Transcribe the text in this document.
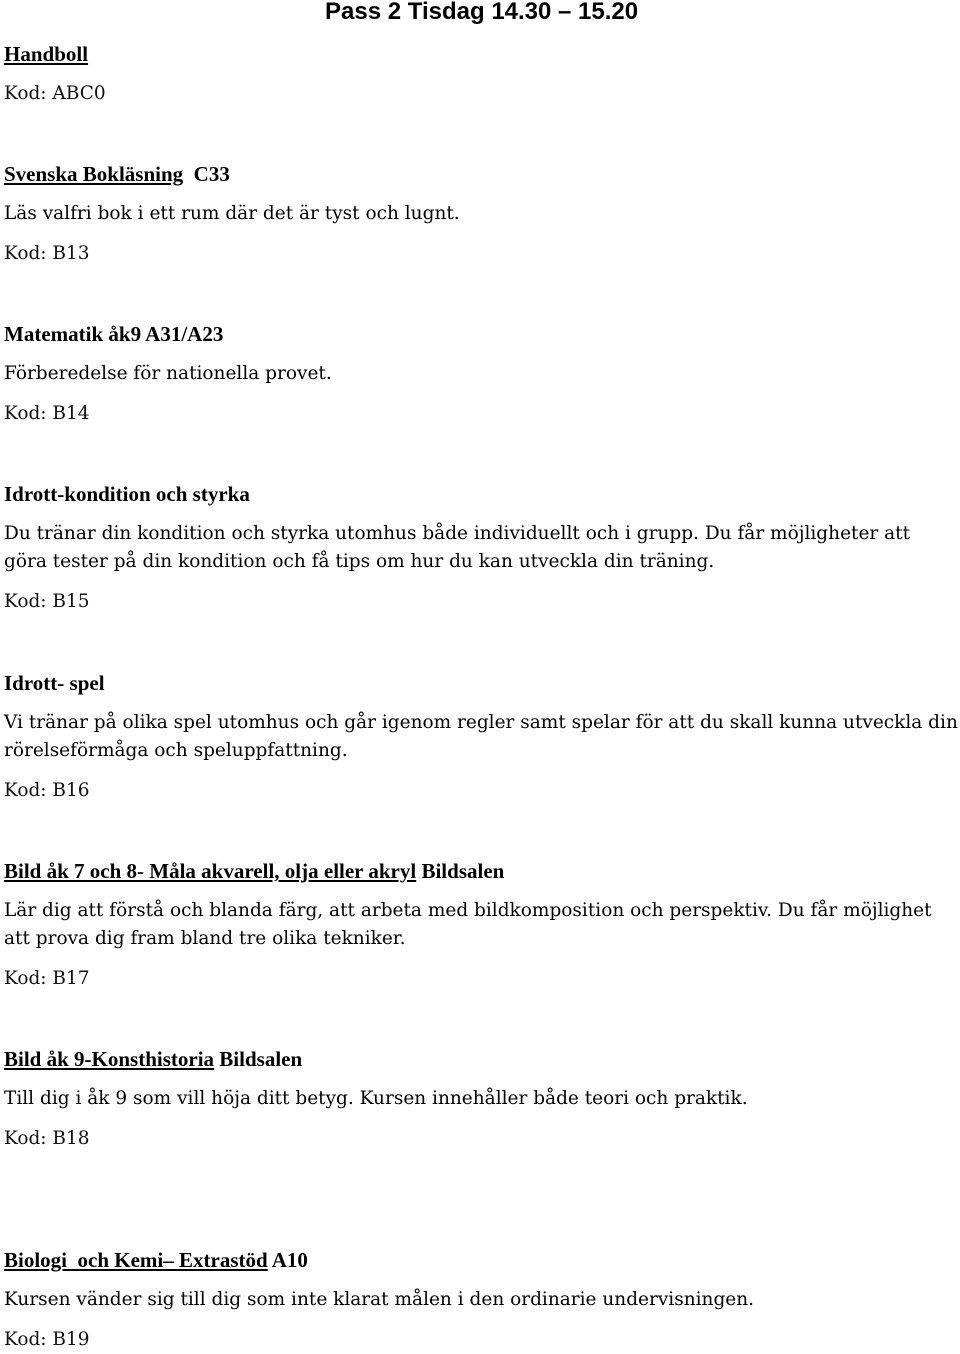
Pass 2 Tisdag 14.30 – 15.20
Handboll
Kod: ABC0
Svenska Bokläsning  C33
Läs valfri bok i ett rum där det är tyst och lugnt.
Kod: B13
Matematik åk9 A31/A23
Förberedelse för nationella provet.
Kod: B14
Idrott-kondition och styrka
Du tränar din kondition och styrka utomhus både individuellt och i grupp. Du får möjligheter att göra tester på din kondition och få tips om hur du kan utveckla din träning.
Kod: B15
Idrott- spel
Vi tränar på olika spel utomhus och går igenom regler samt spelar för att du skall kunna utveckla din rörelseförmåga och speluppfattning.
Kod: B16
Bild åk 7 och 8- Måla akvarell, olja eller akryl Bildsalen
Lär dig att förstå och blanda färg, att arbeta med bildkomposition och perspektiv. Du får möjlighet att prova dig fram bland tre olika tekniker.
Kod: B17
Bild åk 9-Konsthistoria Bildsalen
Till dig i åk 9 som vill höja ditt betyg. Kursen innehåller både teori och praktik.
Kod: B18
Biologi  och Kemi– Extrastöd A10
Kursen vänder sig till dig som inte klarat målen i den ordinarie undervisningen.
Kod: B19
